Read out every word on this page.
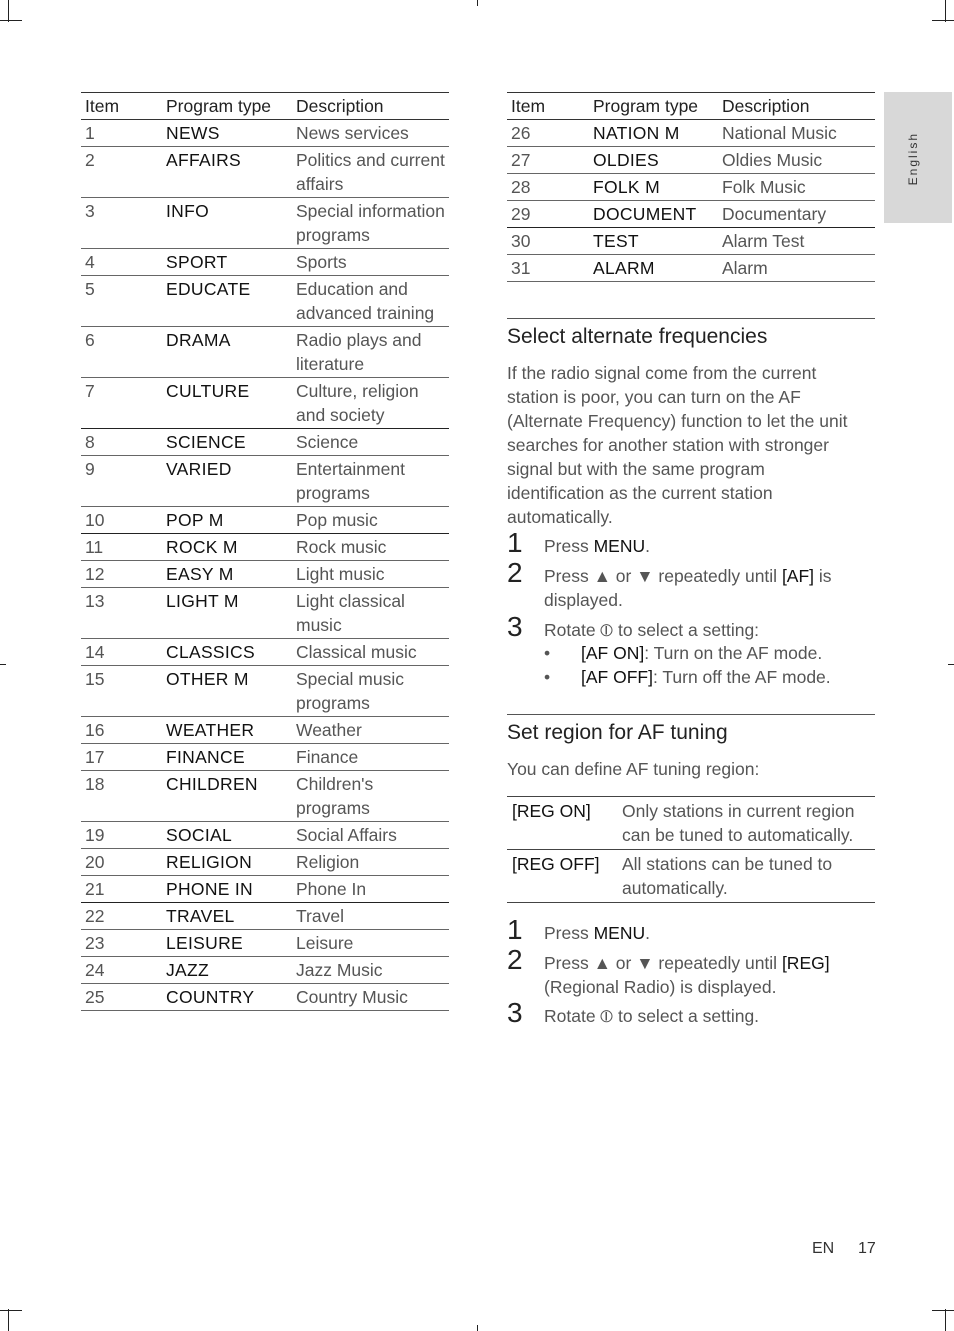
English
Item	Program type	Description
1	NEWS	News services
2	AFFAIRS	Politics and current affairs
3	INFO	Special information programs
4	SPORT	Sports
5	EDUCATE	Education and advanced training
6	DRAMA	Radio plays and literature
7	CULTURE	Culture, religion and society
8	SCIENCE	Science
9	VARIED	Entertainment programs
10	POP M	Pop music
11	ROCK M	Rock music
12	EASY M	Light music
13	LIGHT M	Light classical music
14	CLASSICS	Classical music
15	OTHER M	Special music programs
16	WEATHER	Weather
17	FINANCE	Finance
18	CHILDREN	Children's programs
19	SOCIAL	Social Affairs
20	RELIGION	Religion
21	PHONE IN	Phone In
22	TRAVEL	Travel
23	LEISURE	Leisure
24	JAZZ	Jazz Music
25	COUNTRY	Country Music
Item	Program type	Description
26	NATION M	National Music
27	OLDIES	Oldies Music
28	FOLK M	Folk Music
29	DOCUMENT	Documentary
30	TEST	Alarm Test
31	ALARM	Alarm
Select alternate frequencies
If the radio signal come from the current station is poor, you can turn on the AF (Alternate Frequency) function to let the unit searches for another station with stronger signal but with the same program identification as the current station automatically.
1 Press MENU.
2 Press ▲ or ▼ repeatedly until [AF] is displayed.
3 Rotate ⦶ to select a setting:
• [AF ON]: Turn on the AF mode.
• [AF OFF]: Turn off the AF mode.
Set region for AF tuning
You can define AF tuning region:
[REG ON]	Only stations in current region can be tuned to automatically.
[REG OFF]	All stations can be tuned to automatically.
1 Press MENU.
2 Press ▲ or ▼ repeatedly until [REG] (Regional Radio) is displayed.
3 Rotate ⦶ to select a setting.
EN 17
